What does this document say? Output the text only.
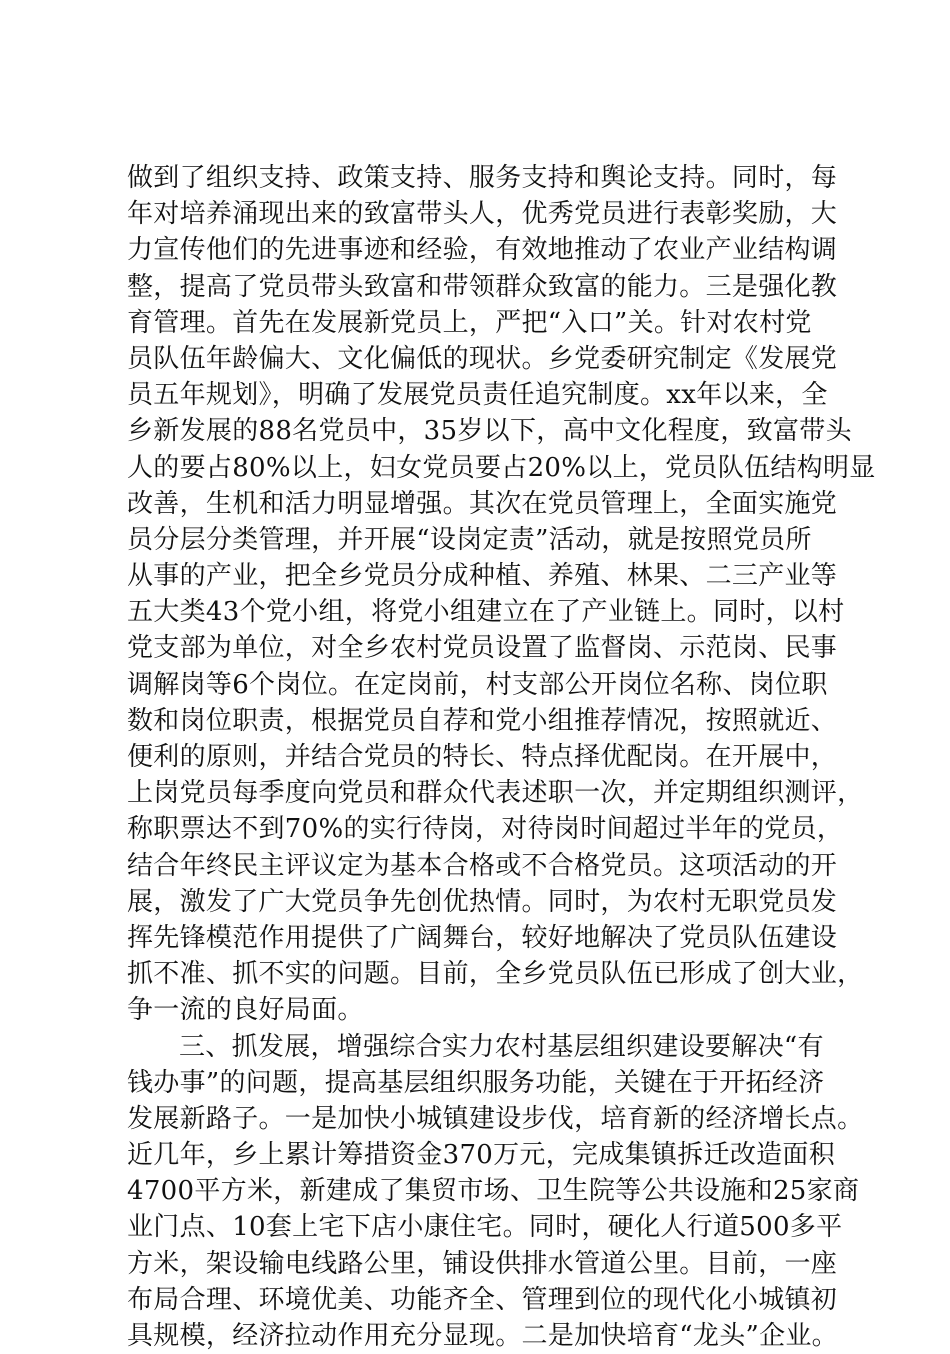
做到了组织支持、政策支持、服务支持和舆论支持。同时，每
年对培养涌现出来的致富带头人，优秀党员进行表彰奖励，大
力宣传他们的先进事迹和经验，有效地推动了农业产业结构调
整，提高了党员带头致富和带领群众致富的能力。三是强化教
育管理。首先在发展新党员上，严把“入口”关。针对农村党
员队伍年龄偏大、文化偏低的现状。乡党委研究制定《发展党
员五年规划》，明确了发展党员责任追究制度。xx年以来，全
乡新发展的88名党员中，35岁以下，高中文化程度，致富带头
人的要占80%以上，妇女党员要占20%以上，党员队伍结构明显
改善，生机和活力明显增强。其次在党员管理上，全面实施党
员分层分类管理，并开展“设岗定责”活动，就是按照党员所
从事的产业，把全乡党员分成种植、养殖、林果、二三产业等
五大类43个党小组，将党小组建立在了产业链上。同时，以村
党支部为单位，对全乡农村党员设置了监督岗、示范岗、民事
调解岗等6个岗位。在定岗前，村支部公开岗位名称、岗位职
数和岗位职责，根据党员自荐和党小组推荐情况，按照就近、
便利的原则，并结合党员的特长、特点择优配岗。在开展中，
上岗党员每季度向党员和群众代表述职一次，并定期组织测评，
称职票达不到70%的实行待岗，对待岗时间超过半年的党员，
结合年终民主评议定为基本合格或不合格党员。这项活动的开
展，激发了广大党员争先创优热情。同时，为农村无职党员发
挥先锋模范作用提供了广阔舞台，较好地解决了党员队伍建设
抓不准、抓不实的问题。目前，全乡党员队伍已形成了创大业，
争一流的良好局面。
三、抓发展，增强综合实力农村基层组织建设要解决“有
钱办事”的问题，提高基层组织服务功能，关键在于开拓经济
发展新路子。一是加快小城镇建设步伐，培育新的经济增长点。
近几年，乡上累计筹措资金370万元，完成集镇拆迁改造面积
4700平方米，新建成了集贸市场、卫生院等公共设施和25家商
业门点、10套上宅下店小康住宅。同时，硬化人行道500多平
方米，架设输电线路公里，铺设供排水管道公里。目前，一座
布局合理、环境优美、功能齐全、管理到位的现代化小城镇初
具规模，经济拉动作用充分显现。二是加快培育“龙头”企业。
